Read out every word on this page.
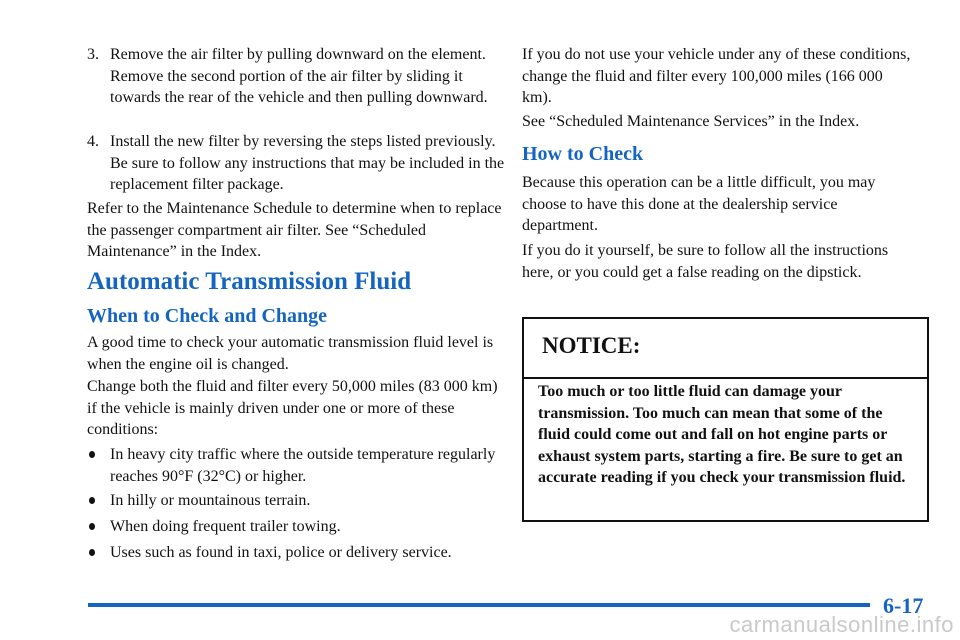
3. Remove the air filter by pulling downward on the element. Remove the second portion of the air filter by sliding it towards the rear of the vehicle and then pulling downward.
4. Install the new filter by reversing the steps listed previously. Be sure to follow any instructions that may be included in the replacement filter package.

Refer to the Maintenance Schedule to determine when to replace the passenger compartment air filter. See “Scheduled Maintenance” in the Index.

Automatic Transmission Fluid
When to Check and Change

A good time to check your automatic transmission fluid level is when the engine oil is changed.

Change both the fluid and filter every 50,000 miles (83 000 km) if the vehicle is mainly driven under one or more of these conditions:

In heavy city traffic where the outside temperature regularly reaches 90°F (32°C) or higher.
In hilly or mountainous terrain.
When doing frequent trailer towing.
Uses such as found in taxi, police or delivery service.

If you do not use your vehicle under any of these conditions, change the fluid and filter every 100,000 miles (166 000 km).

See “Scheduled Maintenance Services” in the Index.

How to Check

Because this operation can be a little difficult, you may choose to have this done at the dealership service department.

If you do it yourself, be sure to follow all the instructions here, or you could get a false reading on the dipstick.

NOTICE:
Too much or too little fluid can damage your transmission. Too much can mean that some of the fluid could come out and fall on hot engine parts or exhaust system parts, starting a fire. Be sure to get an accurate reading if you check your transmission fluid.
6-17
carmanualsonline.info
